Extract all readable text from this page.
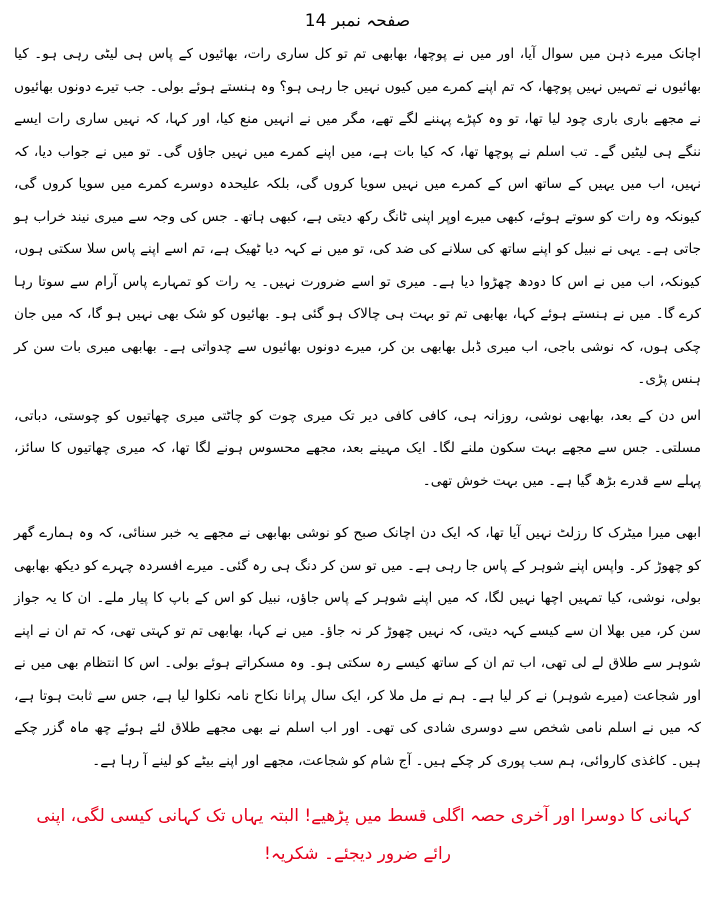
صفحہ نمبر 14

اچانک میرے ذہن میں سوال آیا، اور میں نے پوچھا، بھابھی تم تو کل ساری رات، بھائیوں کے پاس ہی لیٹی رہی ہو۔ کیا بھائیوں نے تمہیں نہیں پوچھا، کہ تم اپنے کمرے میں کیوں نہیں جا رہی ہو؟ وہ ہنستے ہوئے بولی۔ جب تیرے دونوں بھائیوں نے مجھے باری باری چود لیا تھا، تو وہ کپڑے پہننے لگے تھے، مگر میں نے انہیں منع کیا، اور کہا، کہ نہیں ساری رات ایسے ننگے ہی لیٹیں گے۔ تب اسلم نے پوچھا تھا، کہ کیا بات ہے، میں اپنے کمرے میں نہیں جاؤں گی۔ تو میں نے جواب دیا، کہ نہیں، اب میں یہیں کے ساتھ اس کے کمرے میں نہیں سویا کروں گی، بلکہ علیحدہ دوسرے کمرے میں سویا کروں گی، کیونکہ وہ رات کو سوتے ہوئے، کبھی میرے اوپر اپنی ٹانگ رکھ دیتی ہے، کبھی ہاتھ۔ جس کی وجہ سے میری نیند خراب ہو جاتی ہے۔ یہی نے نبیل کو اپنے ساتھ کی سلانے کی ضد کی، تو میں نے کہہ دیا ٹھیک ہے، تم اسے اپنے پاس سلا سکتی ہوں، کیونکہ، اب میں نے اس کا دودھ چھڑوا دیا ہے۔ میری تو اسے ضرورت نہیں۔ یہ رات کو تمہارے پاس آرام سے سوتا رہا کرے گا۔ میں نے ہنستے ہوئے کہا، بھابھی تم تو بہت ہی چالاک ہو گئی ہو۔ بھائیوں کو شک بھی نہیں ہو گا، کہ میں جان چکی ہوں، کہ نوشی باجی، اب میری ڈبل بھابھی بن کر، میرے دونوں بھائیوں سے چدواتی ہے۔ بھابھی میری بات سن کر ہنس پڑی۔

اس دن کے بعد، بھابھی نوشی، روزانہ ہی، کافی کافی دیر تک میری چوت کو چاٹتی میری چھاتیوں کو چوستی، دباتی، مسلتی۔ جس سے مجھے بہت سکون ملنے لگا۔ ایک مہینے بعد، مجھے محسوس ہونے لگا تھا، کہ میری چھاتیوں کا سائز، پہلے سے قدرے بڑھ گیا ہے۔ میں بہت خوش تھی۔

ابھی میرا میٹرک کا رزلٹ نہیں آیا تھا، کہ ایک دن اچانک صبح کو نوشی بھابھی نے مجھے یہ خبر سنائی، کہ وہ ہمارے گھر کو چھوڑ کر۔ واپس اپنے شوہر کے پاس جا رہی ہے۔ میں تو سن کر دنگ ہی رہ گئی۔ میرے افسردہ چہرے کو دیکھ بھابھی بولی، نوشی، کیا تمہیں اچھا نہیں لگا، کہ میں اپنے شوہر کے پاس جاؤں، نبیل کو اس کے باپ کا پیار ملے۔ ان کا یہ جواز سن کر، میں بھلا ان سے کیسے کہہ دیتی، کہ نہیں چھوڑ کر نہ جاؤ۔ میں نے کہا، بھابھی تم تو کہتی تھی، کہ تم ان نے اپنے شوہر سے طلاق لے لی تھی، اب تم ان کے ساتھ کیسے رہ سکتی ہو۔ وہ مسکراتے ہوئے بولی۔ اس کا انتظام بھی میں نے اور شجاعت (میرے شوہر) نے کر لیا ہے۔ ہم نے مل ملا کر، ایک سال پرانا نکاح نامہ نکلوا لیا ہے، جس سے ثابت ہوتا ہے، کہ میں نے اسلم نامی شخص سے دوسری شادی کی تھی۔ اور اب اسلم نے بھی مجھے طلاق لئے ہوئے چھ ماہ گزر چکے ہیں۔ کاغذی کاروائی، ہم سب پوری کر چکے ہیں۔ آج شام کو شجاعت، مجھے اور اپنے بیٹے کو لینے آ رہا ہے۔

کہانی کا دوسرا اور آخری حصہ اگلی قسط میں پڑھیے! البتہ یہاں تک کہانی کیسی لگی، اپنی

رائے ضرور دیجئے۔ شکریہ!
